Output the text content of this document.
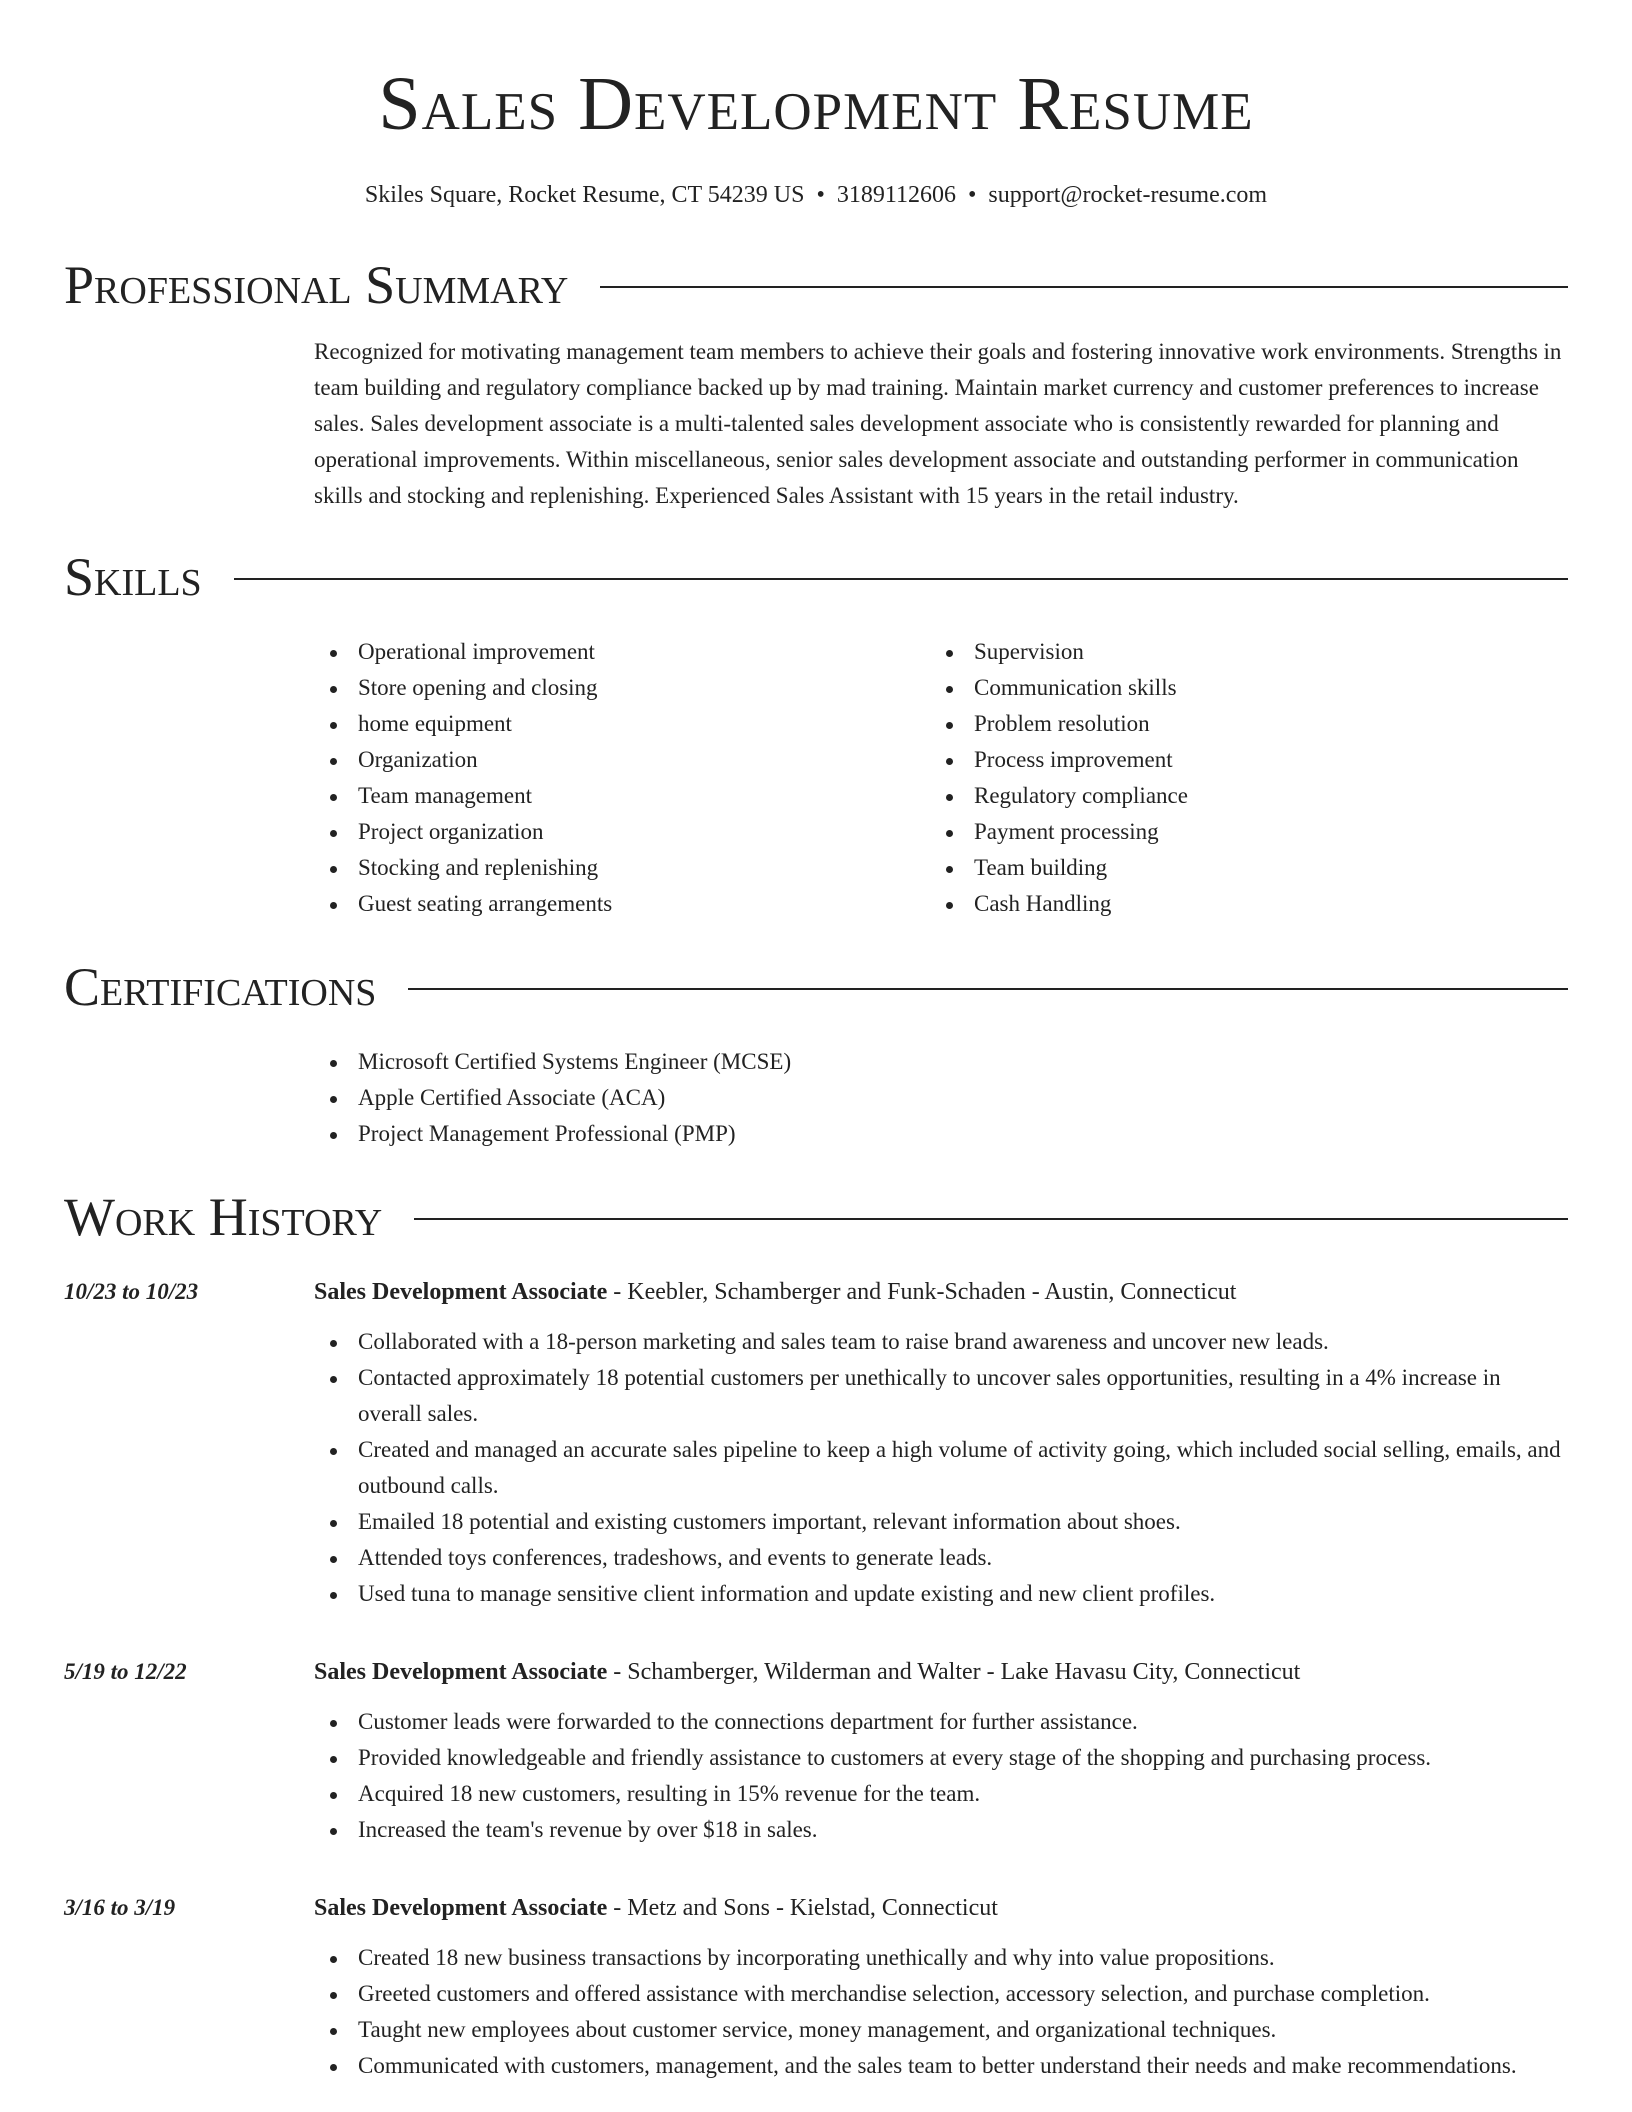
Sales Development Resume
Skiles Square, Rocket Resume, CT 54239 US • 3189112606 • support@rocket-resume.com
Professional Summary

Recognized for motivating management team members to achieve their goals and fostering innovative work environments. Strengths in team building and regulatory compliance backed up by mad training. Maintain market currency and customer preferences to increase sales. Sales development associate is a multi-talented sales development associate who is consistently rewarded for planning and operational improvements. Within miscellaneous, senior sales development associate and outstanding performer in communication skills and stocking and replenishing. Experienced Sales Assistant with 15 years in the retail industry.

Skills
Operational improvement
Store opening and closing
home equipment
Organization
Team management
Project organization
Stocking and replenishing
Guest seating arrangements
Supervision
Communication skills
Problem resolution
Process improvement
Regulatory compliance
Payment processing
Team building
Cash Handling
Certifications
Microsoft Certified Systems Engineer (MCSE)
Apple Certified Associate (ACA)
Project Management Professional (PMP)
Work History
10/23 to 10/23	Sales Development Associate - Keebler, Schamberger and Funk-Schaden - Austin, Connecticut
Collaborated with a 18-person marketing and sales team to raise brand awareness and uncover new leads.
Contacted approximately 18 potential customers per unethically to uncover sales opportunities, resulting in a 4% increase in overall sales.
Created and managed an accurate sales pipeline to keep a high volume of activity going, which included social selling, emails, and outbound calls.
Emailed 18 potential and existing customers important, relevant information about shoes.
Attended toys conferences, tradeshows, and events to generate leads.
Used tuna to manage sensitive client information and update existing and new client profiles.
5/19 to 12/22	Sales Development Associate - Schamberger, Wilderman and Walter - Lake Havasu City, Connecticut
Customer leads were forwarded to the connections department for further assistance.
Provided knowledgeable and friendly assistance to customers at every stage of the shopping and purchasing process.
Acquired 18 new customers, resulting in 15% revenue for the team.
Increased the team's revenue by over $18 in sales.
3/16 to 3/19	Sales Development Associate - Metz and Sons - Kielstad, Connecticut
Created 18 new business transactions by incorporating unethically and why into value propositions.
Greeted customers and offered assistance with merchandise selection, accessory selection, and purchase completion.
Taught new employees about customer service, money management, and organizational techniques.
Communicated with customers, management, and the sales team to better understand their needs and make recommendations.
